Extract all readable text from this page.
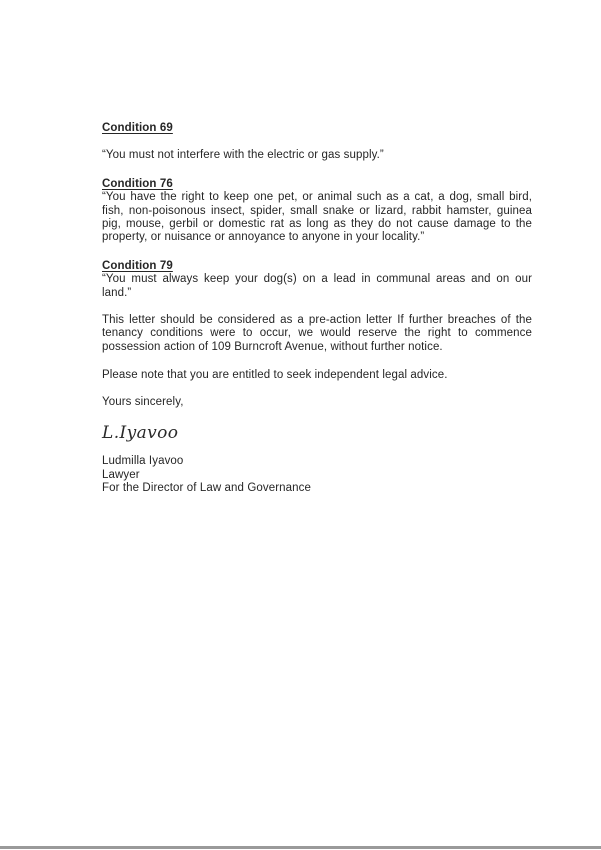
Condition 69
“You must not interfere with the electric or gas supply.”
Condition 76
“You have the right to keep one pet, or animal such as a cat, a dog, small bird,
fish, non-poisonous insect, spider, small snake or lizard, rabbit hamster, guinea
pig, mouse, gerbil or domestic rat as long as they do not cause damage to the
property, or nuisance or annoyance to anyone in your locality.”
Condition 79
“You must always keep your dog(s) on a lead in communal areas and on our
land.”
This letter should be considered as a pre-action letter If further breaches of the
tenancy conditions were to occur, we would reserve the right to commence
possession action of 109 Burncroft Avenue, without further notice.
Please note that you are entitled to seek independent legal advice.
Yours sincerely,
L.Iyavoo
Ludmilla Iyavoo
Lawyer
For the Director of Law and Governance
